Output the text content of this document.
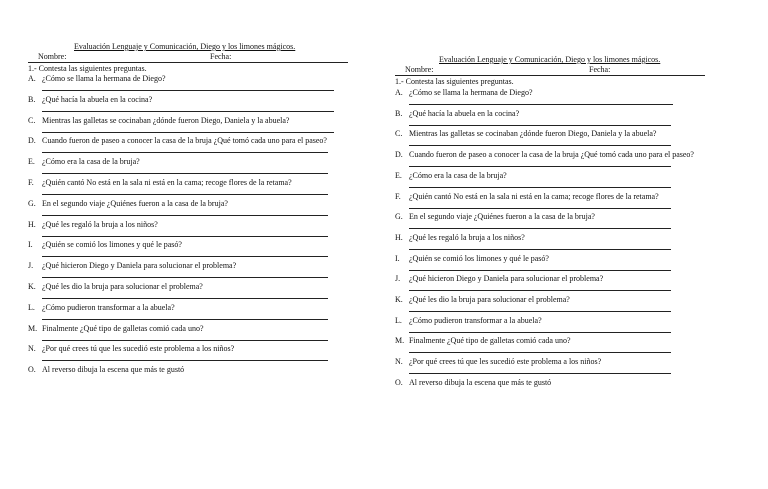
Evaluación Lenguaje y Comunicación, Diego y los limones mágicos.
Nombre:	Fecha:
1.- Contesta las siguientes preguntas.
A. ¿Cómo se llama la hermana de Diego?
B. ¿Qué hacía la abuela en la cocina?
C. Mientras las galletas se cocinaban ¿dónde fueron Diego, Daniela y la abuela?
D. Cuando fueron de paseo a conocer la casa de la bruja ¿Qué tomó cada uno para el paseo?
E. ¿Cómo era la casa de la bruja?
F.	¿Quién cantó No está en la sala ni está en la cama; recoge flores de la retama?
G. En el segundo viaje ¿Quiénes fueron a la casa de la bruja?
H. ¿Qué les regaló la bruja a los niños?
I.	¿Quién se comió los limones y qué le pasó?
J.	¿Qué hicieron Diego y Daniela para solucionar el problema?
K. ¿Qué les dio la bruja para solucionar el problema?
L. ¿Cómo pudieron transformar a la abuela?
M. Finalmente ¿Qué tipo de galletas comió cada uno?
N. ¿Por qué crees tú que les sucedió este problema a los niños?
O. Al reverso dibuja la escena que más te gustó
Evaluación Lenguaje y Comunicación, Diego y los limones mágicos.
Nombre:	Fecha:
1.- Contesta las siguientes preguntas.
A. ¿Cómo se llama la hermana de Diego?
B. ¿Qué hacía la abuela en la cocina?
C. Mientras las galletas se cocinaban ¿dónde fueron Diego, Daniela y la abuela?
D. Cuando fueron de paseo a conocer la casa de la bruja ¿Qué tomó cada uno para el paseo?
E. ¿Cómo era la casa de la bruja?
F.	¿Quién cantó No está en la sala ni está en la cama; recoge flores de la retama?
G. En el segundo viaje ¿Quiénes fueron a la casa de la bruja?
H. ¿Qué les regaló la bruja a los niños?
I.	¿Quién se comió los limones y qué le pasó?
J.	¿Qué hicieron Diego y Daniela para solucionar el problema?
K. ¿Qué les dio la bruja para solucionar el problema?
L. ¿Cómo pudieron transformar a la abuela?
M. Finalmente ¿Qué tipo de galletas comió cada uno?
N. ¿Por qué crees tú que les sucedió este problema a los niños?
O. Al reverso dibuja la escena que más te gustó
